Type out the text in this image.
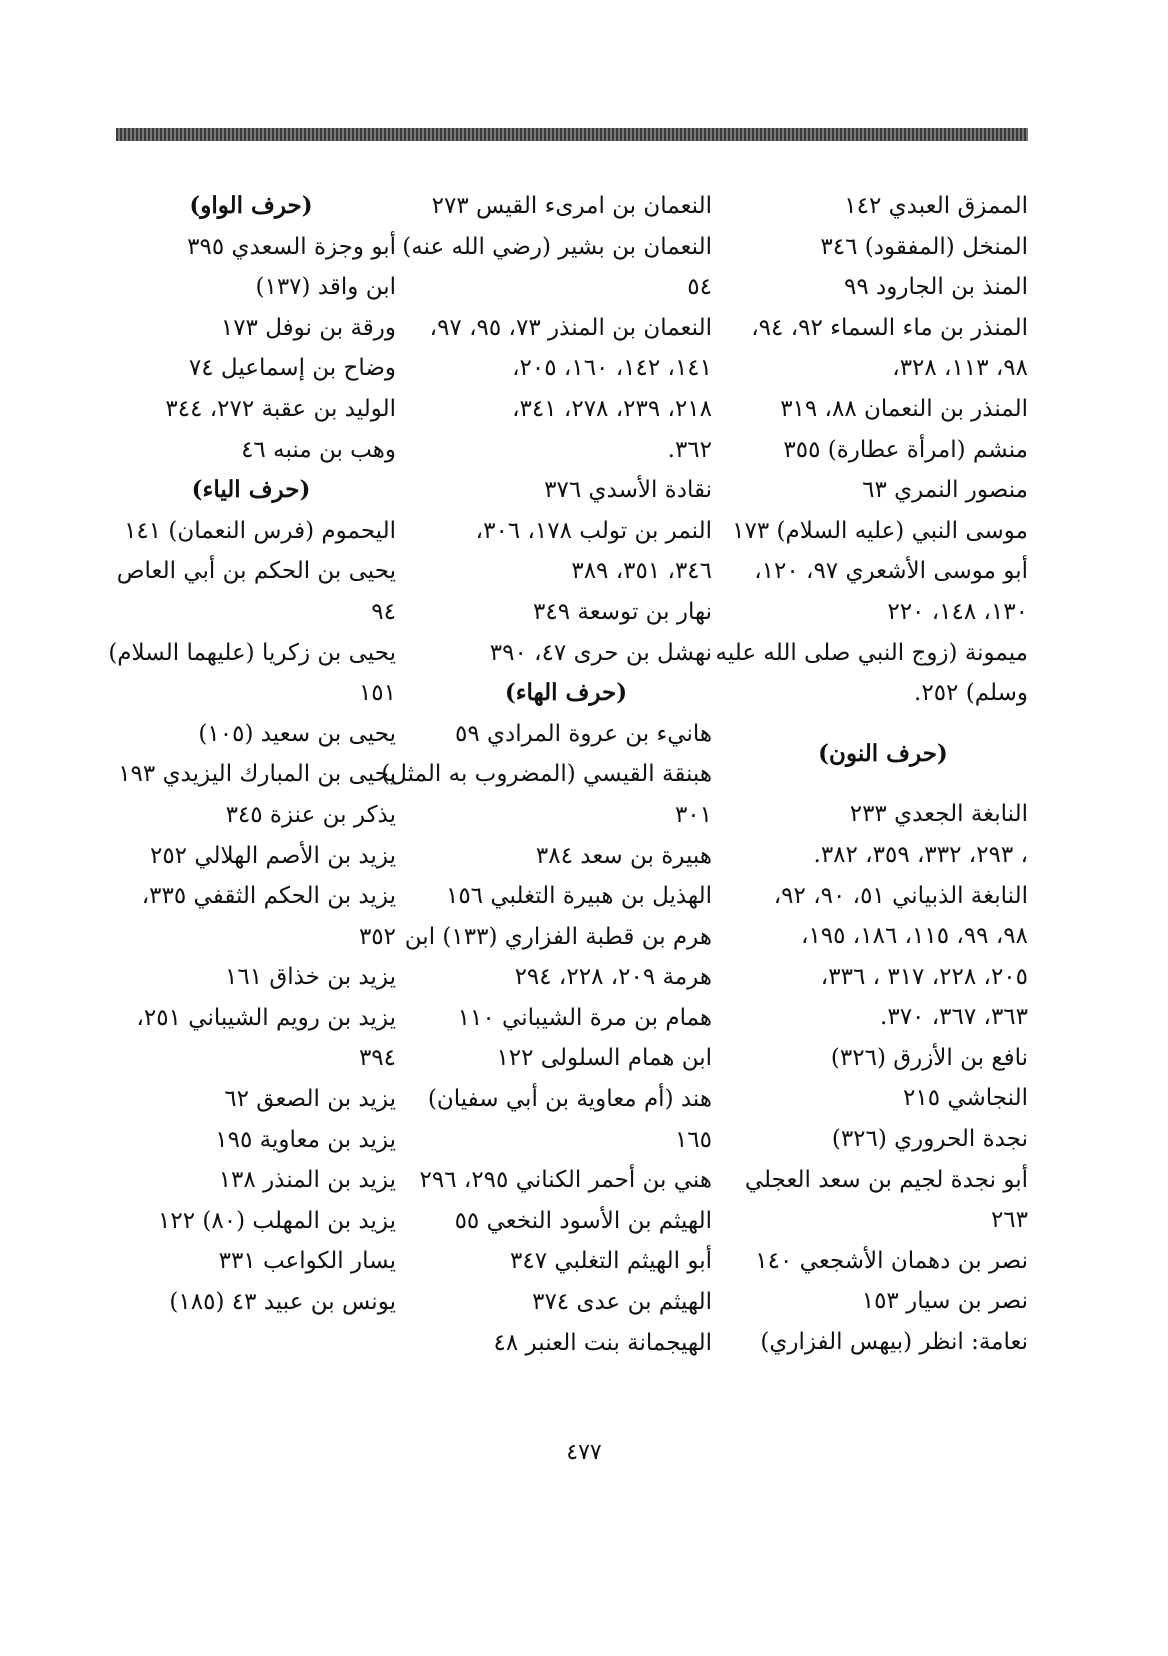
الممزق العبدي ١٤٢
المنخل (المفقود) ٣٤٦
المنذ بن الجارود ٩٩
المنذر بن ماء السماء ٩٢، ٩٤،
٩٨، ١١٣، ٣٢٨،
المنذر بن النعمان ٨٨، ٣١٩
منشم (امرأة عطارة) ٣٥٥
منصور النمري ٦٣
موسى النبي (عليه السلام) ١٧٣
أبو موسى الأشعري ٩٧، ١٢٠،
١٣٠، ١٤٨، ٢٢٠
ميمونة (زوج النبي صلى الله عليه
وسلم) ٢٥٢.
(حرف النون)
النابغة الجعدي ٢٣٣
، ٢٩٣، ٣٣٢، ٣٥٩، ٣٨٢.
النابغة الذبياني ٥١، ٩٠، ٩٢،
٩٨، ٩٩، ١١٥، ١٨٦، ١٩٥،
٢٠٥، ٢٢٨، ٣١٧ ، ٣٣٦،
٣٦٣، ٣٦٧، ٣٧٠.
نافع بن الأزرق (٣٢٦)
النجاشي ٢١٥
نجدة الحروري (٣٢٦)
أبو نجدة لجيم بن سعد العجلي
٢٦٣
نصر بن دهمان الأشجعي ١٤٠
نصر بن سيار ١٥٣
نعامة: انظر (بيهس الفزاري)
النعمان بن امرىء القيس ٢٧٣
النعمان بن بشير (رضي الله عنه)
٥٤
النعمان بن المنذر ٧٣، ٩٥، ٩٧،
١٤١، ١٤٢، ١٦٠، ٢٠٥،
٢١٨، ٢٣٩، ٢٧٨، ٣٤١،
٣٦٢.
نقادة الأسدي ٣٧٦
النمر بن تولب ١٧٨، ٣٠٦،
٣٤٦، ٣٥١، ٣٨٩
نهار بن توسعة ٣٤٩
نهشل بن حرى ٤٧، ٣٩٠
(حرف الهاء)
هانيء بن عروة المرادي ٥٩
هبنقة القيسي (المضروب به المثل)
٣٠١
هبيرة بن سعد ٣٨٤
الهذيل بن هبيرة التغلبي ١٥٦
هرم بن قطبة الفزاري (١٣٣) ابن
هرمة ٢٠٩، ٢٢٨، ٢٩٤
همام بن مرة الشيباني ١١٠
ابن همام السلولى ١٢٢
هند (أم معاوية بن أبي سفيان)
١٦٥
هني بن أحمر الكناني ٢٩٥، ٢٩٦
الهيثم بن الأسود النخعي ٥٥
أبو الهيثم التغلبي ٣٤٧
الهيثم بن عدى ٣٧٤
الهيجمانة بنت العنبر ٤٨
(حرف الواو)
أبو وجزة السعدي ٣٩٥
ابن واقد (١٣٧)
ورقة بن نوفل ١٧٣
وضاح بن إسماعيل ٧٤
الوليد بن عقبة ٢٧٢، ٣٤٤
وهب بن منبه ٤٦
(حرف الياء)
اليحموم (فرس النعمان) ١٤١
يحيى بن الحكم بن أبي العاص
٩٤
يحيى بن زكريا (عليهما السلام)
١٥١
يحيى بن سعيد (١٠٥)
يحيى بن المبارك اليزيدي ١٩٣
يذكر بن عنزة ٣٤٥
يزيد بن الأصم الهلالي ٢٥٢
يزيد بن الحكم الثقفي ٣٣٥،
٣٥٢
يزيد بن خذاق ١٦١
يزيد بن رويم الشيباني ٢٥١،
٣٩٤
يزيد بن الصعق ٦٢
يزيد بن معاوية ١٩٥
يزيد بن المنذر ١٣٨
يزيد بن المهلب (٨٠) ١٢٢
يسار الكواعب ٣٣١
يونس بن عبيد ٤٣ (١٨٥)
٤٧٧
